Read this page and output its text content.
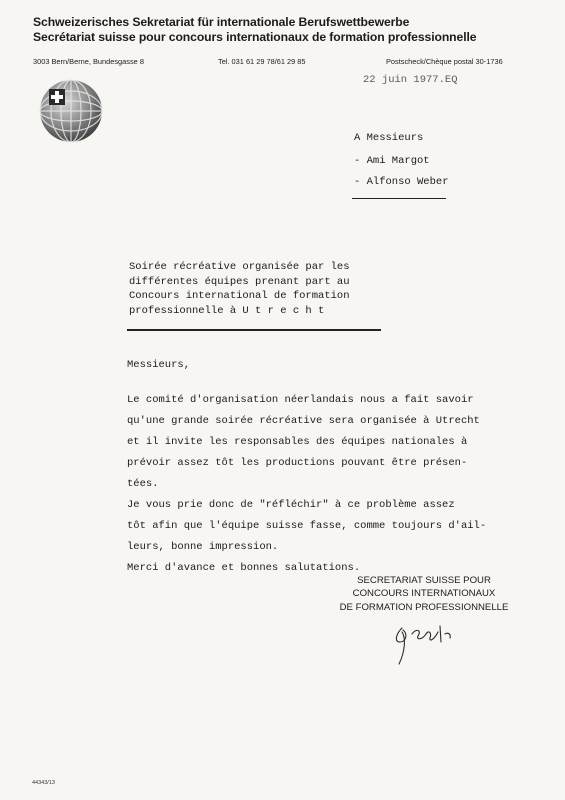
Schweizerisches Sekretariat für internationale Berufswettbewerbe
Secrétariat suisse pour concours internationaux de formation professionnelle
3003 Bern/Berne, Bundesgasse 8	Tel. 031 61 29 78/61 29 85	Postscheck/Chèque postal 30-1736
22 juin 1977.EQ
A Messieurs
- Ami Margot
- Alfonso Weber
Soirée récréative organisée par les
différentes équipes prenant part au
Concours international de formation
professionnelle à U t r e c h t
Messieurs,
Le comité d'organisation néerlandais nous a fait savoir
qu'une grande soirée récréative sera organisée à Utrecht
et il invite les responsables des équipes nationales à
prévoir assez tôt les productions pouvant être présen-
tées.
Je vous prie donc de "réfléchir" à ce problème assez
tôt afin que l'équipe suisse fasse, comme toujours d'ail-
leurs, bonne impression.
Merci d'avance et bonnes salutations.
SECRETARIAT SUISSE POUR
CONCOURS INTERNATIONAUX
DE FORMATION PROFESSIONNELLE
44343/13
